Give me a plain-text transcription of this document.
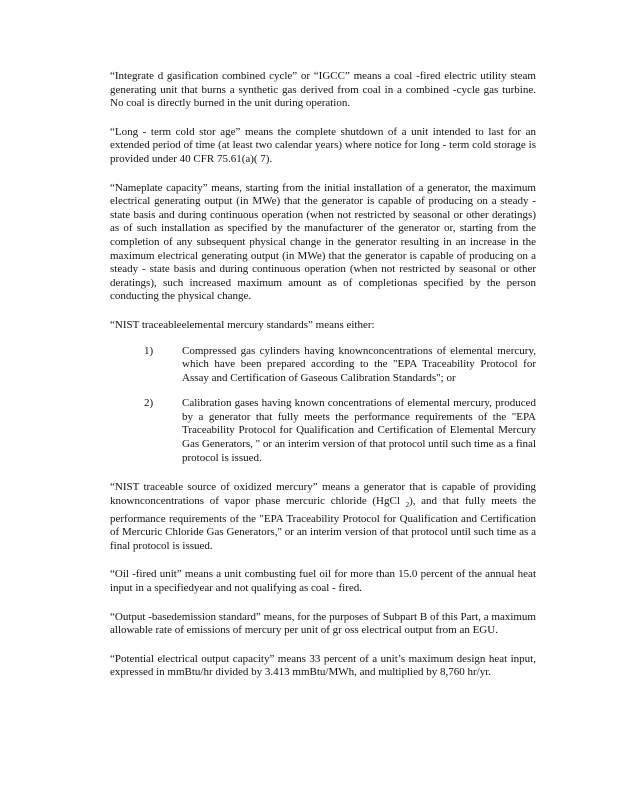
“Integrate d gasification combined cycle” or “IGCC” means a coal -fired electric utility steam generating unit that burns a synthetic gas derived from coal in a combined -cycle gas turbine. No coal is directly burned in the unit during operation.

“Long - term cold stor age” means the complete shutdown of a unit intended to last for an extended period of time (at least two calendar years) where notice for long - term cold storage is provided under 40 CFR 75.61(a)( 7).

“Nameplate capacity” means, starting from the initial installation of a generator, the maximum electrical generating output (in MWe) that the generator is capable of producing on a steady -state basis and during continuous operation (when not restricted by seasonal or other deratings) as of such installation as specified by the manufacturer of the generator or, starting from the completion of any subsequent physical change in the generator resulting in an increase in the maximum electrical generating output (in MWe) that the generator is capable of producing on a steady - state basis and during continuous operation (when not restricted by seasonal or other deratings), such increased maximum amount as of completionas specified by the person conducting the physical change.

“NIST traceableelemental mercury standards” means either:

1)	Compressed gas cylinders having knownconcentrations of elemental mercury, which have been prepared according to the "EPA Traceability Protocol for Assay and Certification of Gaseous Calibration Standards"; or
2)	Calibration gases having known concentrations of elemental mercury, produced by a generator that fully meets the performance requirements of the "EPA Traceability Protocol for Qualification and Certification of Elemental Mercury Gas Generators, " or an interim version of that protocol until such time as a final protocol is issued.

“NIST traceable source of oxidized mercury” means a generator that is capable of providing knownconcentrations of vapor phase mercuric chloride (HgCl $_2$), and that fully meets the performance requirements of the "EPA Traceability Protocol for Qualification and Certification of Mercuric Chloride Gas Generators," or an interim version of that protocol until such time as a final protocol is issued.

“Oil -fired unit” means a unit combusting fuel oil for more than 15.0 percent of the annual heat input in a specifiedyear and not qualifying as coal - fired.

“Output -basedemission standard” means, for the purposes of Subpart B of this Part, a maximum allowable rate of emissions of mercury per unit of gr oss electrical output from an EGU.

“Potential electrical output capacity” means 33 percent of a unit’s maximum design heat input, expressed in mmBtu/hr divided by 3.413 mmBtu/MWh, and multiplied by 8,760 hr/yr.
